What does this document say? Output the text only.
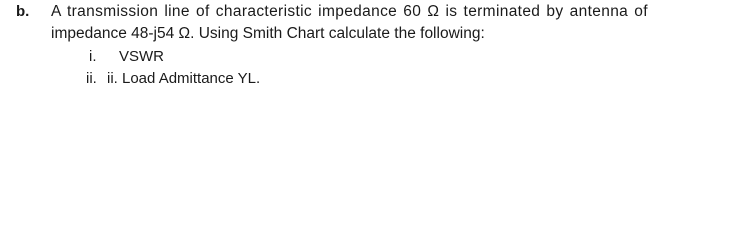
b. A transmission line of characteristic impedance 60 Ω is terminated by antenna of
impedance 48-j54 Ω. Using Smith Chart calculate the following:
i. VSWR
ii. ii. Load Admittance YL.
